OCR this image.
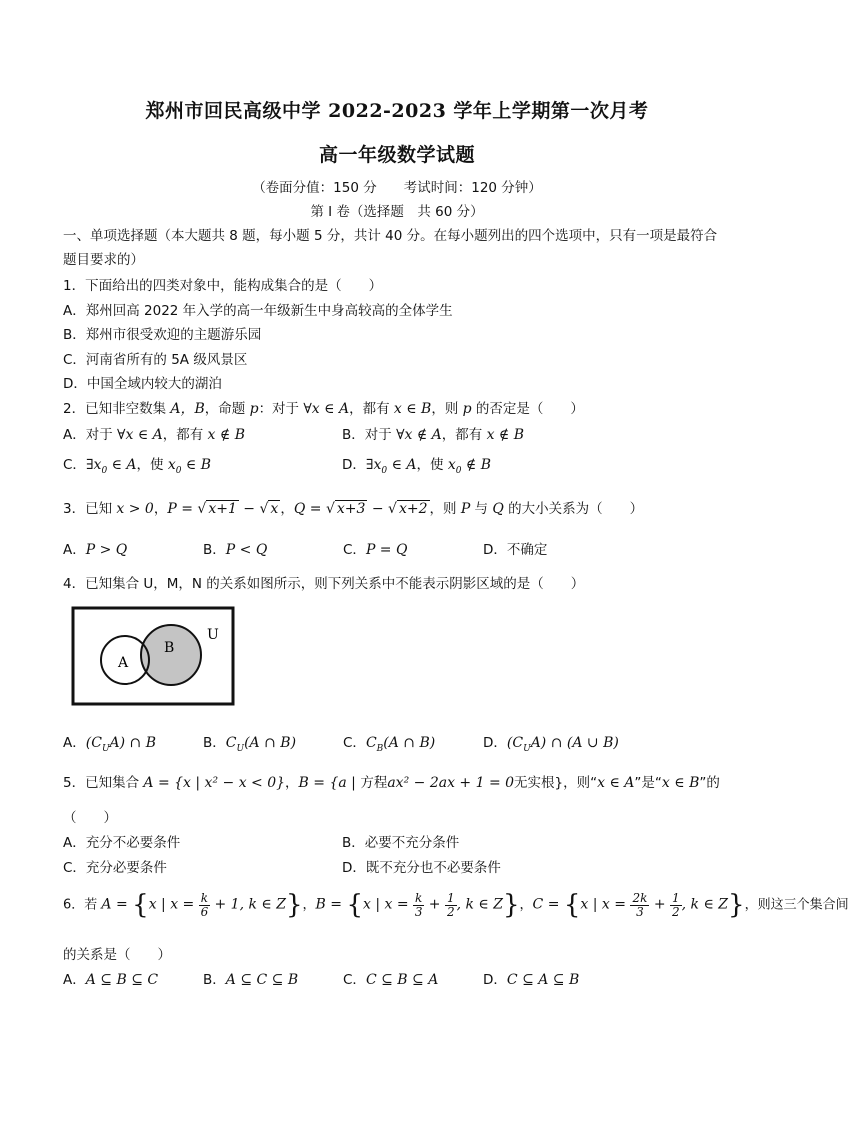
郑州市回民高级中学 2022-2023 学年上学期第一次月考
高一年级数学试题
（卷面分值：150 分　　考试时间：120 分钟）
第 I 卷（选择题　共 60 分）
一、单项选择题（本大题共 8 题，每小题 5 分，共计 40 分。在每小题列出的四个选项中，只有一项是最符合
题目要求的）
1．下面给出的四类对象中，能构成集合的是（　　）
A．郑州回高 2022 年入学的高一年级新生中身高较高的全体学生
B．郑州市很受欢迎的主题游乐园
C．河南省所有的 5A 级风景区
D．中国全域内较大的湖泊
2．已知非空数集 A，B，命题 p：对于 ∀x ∈ A，都有 x ∈ B，则 p 的否定是（　　）
A．对于 ∀x ∈ A，都有 x ∉ B	B．对于 ∀x ∉ A，都有 x ∉ B
C．$\exists x_0$ ∈ A，使 $x_0$ ∈ B	D．$\exists x_0$ ∈ A，使 $x_0$ ∉ B
3．已知 x > 0，P = √ x+1 − √ x ，Q = √ x+3 − √ x+2 ，则 P 与 Q 的大小关系为（　　）
A．P > Q	B．P < Q	C．P = Q	D．不确定
4．已知集合 U，M，N 的关系如图所示，则下列关系中不能表示阴影区域的是（　　）
A
B
U
A．$(C_UA)$ ∩ B	B．$C_U(A$ ∩ B)	C．$C_B(A$ ∩ B)	D．$(C_UA)$ ∩ (A ∪ B)
5．已知集合 A = {x | x² − x < 0}，B = {a | 方程ax² − 2ax + 1 = 0无实根}，则“x ∈ A”是“x ∈ B”的
（　　）
A．充分不必要条件	B．必要不充分条件
C．充分必要条件	D．既不充分也不必要条件
6．若 A = {x | $x = \frac{k}{6} + 1$, k ∈ Z}，B = {x | $x = \frac{k}{3} + \frac{1}{2}$ , k ∈ Z}，C = {x | $x = \frac{2k}{3} + \frac{1}{2}$ , k ∈ Z}，则这三个集合间
的关系是（　　）
A．A ⊆ B ⊆ C	B．A ⊆ C ⊆ B	C．C ⊆ B ⊆ A	D．C ⊆ A ⊆ B
